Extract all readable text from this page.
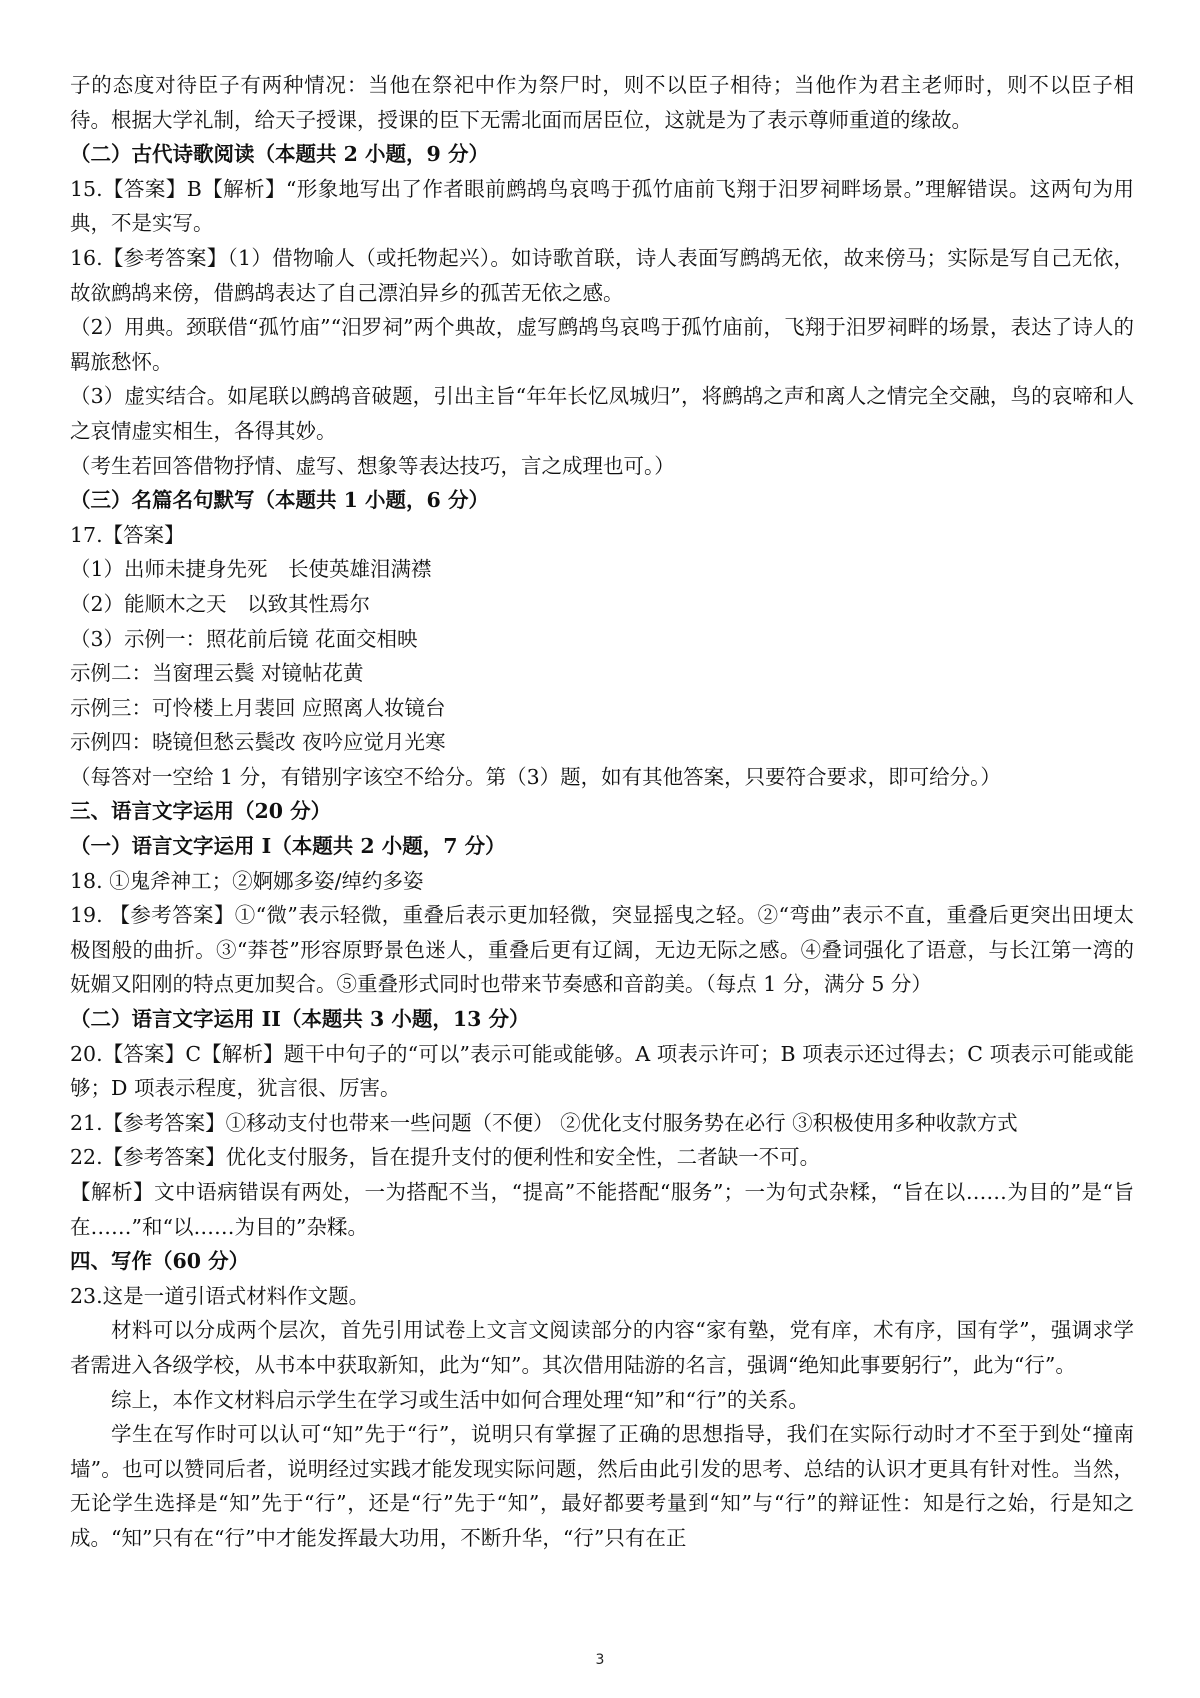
子的态度对待臣子有两种情况：当他在祭祀中作为祭尸时，则不以臣子相待；当他作为君主老师时，则不以臣子相待。根据大学礼制，给天子授课，授课的臣下无需北面而居臣位，这就是为了表示尊师重道的缘故。

（二）古代诗歌阅读（本题共 2 小题，9 分）

15.【答案】B【解析】“形象地写出了作者眼前鹧鸪鸟哀鸣于孤竹庙前飞翔于汨罗祠畔场景。”理解错误。这两句为用典，不是实写。

16.【参考答案】（1）借物喻人（或托物起兴）。如诗歌首联，诗人表面写鹧鸪无依，故来傍马；实际是写自己无依，故欲鹧鸪来傍，借鹧鸪表达了自己漂泊异乡的孤苦无依之感。

（2）用典。颈联借“孤竹庙”“汨罗祠”两个典故，虚写鹧鸪鸟哀鸣于孤竹庙前，飞翔于汨罗祠畔的场景，表达了诗人的羁旅愁怀。

（3）虚实结合。如尾联以鹧鸪音破题，引出主旨“年年长忆凤城归”，将鹧鸪之声和离人之情完全交融，鸟的哀啼和人之哀情虚实相生，各得其妙。

（考生若回答借物抒情、虚写、想象等表达技巧，言之成理也可。）

（三）名篇名句默写（本题共 1 小题，6 分）

17.【答案】

（1）出师未捷身先死　长使英雄泪满襟

（2）能顺木之天　以致其性焉尔

（3）示例一：照花前后镜 花面交相映

示例二：当窗理云鬓 对镜帖花黄

示例三：可怜楼上月裴回 应照离人妆镜台

示例四：晓镜但愁云鬓改 夜吟应觉月光寒

（每答对一空给 1 分，有错别字该空不给分。第（3）题，如有其他答案，只要符合要求，即可给分。）

三、语言文字运用（20 分）

（一）语言文字运用 I（本题共 2 小题，7 分）

18. ①鬼斧神工；②婀娜多姿/绰约多姿

19. 【参考答案】①“微”表示轻微，重叠后表示更加轻微，突显摇曳之轻。②“弯曲”表示不直，重叠后更突出田埂太极图般的曲折。③“莽苍”形容原野景色迷人，重叠后更有辽阔，无边无际之感。④叠词强化了语意，与长江第一湾的妩媚又阳刚的特点更加契合。⑤重叠形式同时也带来节奏感和音韵美。（每点 1 分，满分 5 分）

（二）语言文字运用 II（本题共 3 小题，13 分）

20.【答案】C【解析】题干中句子的“可以”表示可能或能够。A 项表示许可；B 项表示还过得去；C 项表示可能或能够；D 项表示程度，犹言很、厉害。

21.【参考答案】①移动支付也带来一些问题（不便） ②优化支付服务势在必行 ③积极使用多种收款方式

22.【参考答案】优化支付服务，旨在提升支付的便利性和安全性，二者缺一不可。

【解析】文中语病错误有两处，一为搭配不当，“提高”不能搭配“服务”；一为句式杂糅，“旨在以……为目的”是“旨在……”和“以……为目的”杂糅。

四、写作（60 分）

23.这是一道引语式材料作文题。

材料可以分成两个层次，首先引用试卷上文言文阅读部分的内容“家有塾，党有庠，术有序，国有学”，强调求学者需进入各级学校，从书本中获取新知，此为“知”。其次借用陆游的名言，强调“绝知此事要躬行”，此为“行”。

综上，本作文材料启示学生在学习或生活中如何合理处理“知”和“行”的关系。

学生在写作时可以认可“知”先于“行”，说明只有掌握了正确的思想指导，我们在实际行动时才不至于到处“撞南墙”。也可以赞同后者，说明经过实践才能发现实际问题，然后由此引发的思考、总结的认识才更具有针对性。当然，无论学生选择是“知”先于“行”，还是“行”先于“知”，最好都要考量到“知”与“行”的辩证性：知是行之始，行是知之成。“知”只有在“行”中才能发挥最大功用，不断升华，“行”只有在正

3
